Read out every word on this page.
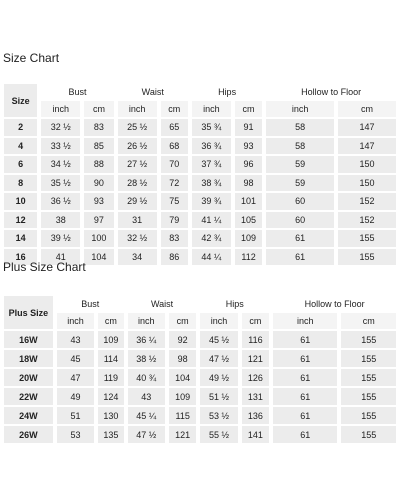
Size Chart
Size	Bust		Waist		Hips		Hollow to Floor	
	inch	cm	inch	cm	inch	cm	inch	cm
2	32 ½	83	25 ½	65	35 ¾	91	58	147
4	33 ½	85	26 ½	68	36 ¾	93	58	147
6	34 ½	88	27 ½	70	37 ¾	96	59	150
8	35 ½	90	28 ½	72	38 ¾	98	59	150
10	36 ½	93	29 ½	75	39 ¾	101	60	152
12	38	97	31	79	41 ¼	105	60	152
14	39 ½	100	32 ½	83	42 ¾	109	61	155
16	41	104	34	86	44 ¼	112	61	155
Plus Size Chart
Plus Size	Bust		Waist		Hips		Hollow to Floor	
	inch	cm	inch	cm	inch	cm	inch	cm
16W	43	109	36 ¼	92	45 ½	116	61	155
18W	45	114	38 ½	98	47 ½	121	61	155
20W	47	119	40 ¾	104	49 ½	126	61	155
22W	49	124	43	109	51 ½	131	61	155
24W	51	130	45 ¼	115	53 ½	136	61	155
26W	53	135	47 ½	121	55 ½	141	61	155
